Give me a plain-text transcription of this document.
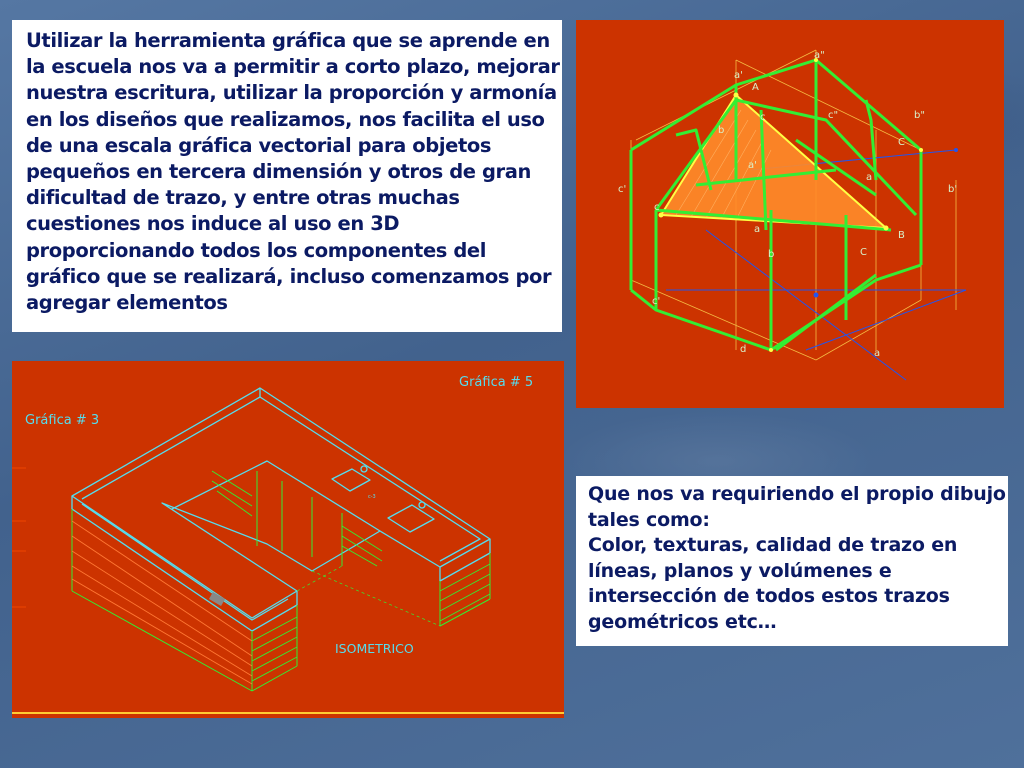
Utilizar la herramienta gráfica que se aprende en la escuela nos va a permitir a corto plazo, mejorar nuestra escritura, utilizar la proporción y armonía en los diseños que realizamos, nos facilita el uso de una escala gráfica vectorial para objetos pequeños en tercera dimensión y otros de gran dificultad de trazo, y entre otras muchas cuestiones nos induce al uso en 3D proporcionando todos los componentes del gráfico que se realizará, incluso comenzamos por agregar elementos
Que nos va requiriendo el propio dibujo tales como:
Color, texturas, calidad de trazo en líneas, planos y volúmenes e intersección de todos estos trazos geométricos etc…
a"
a'
A
c"	b"
C
b
c
a'
b'
c'
a
B
b	C
c
a
c'
d	a
Gráfica # 5
Gráfica # 3
ISOMETRICO
c-3
